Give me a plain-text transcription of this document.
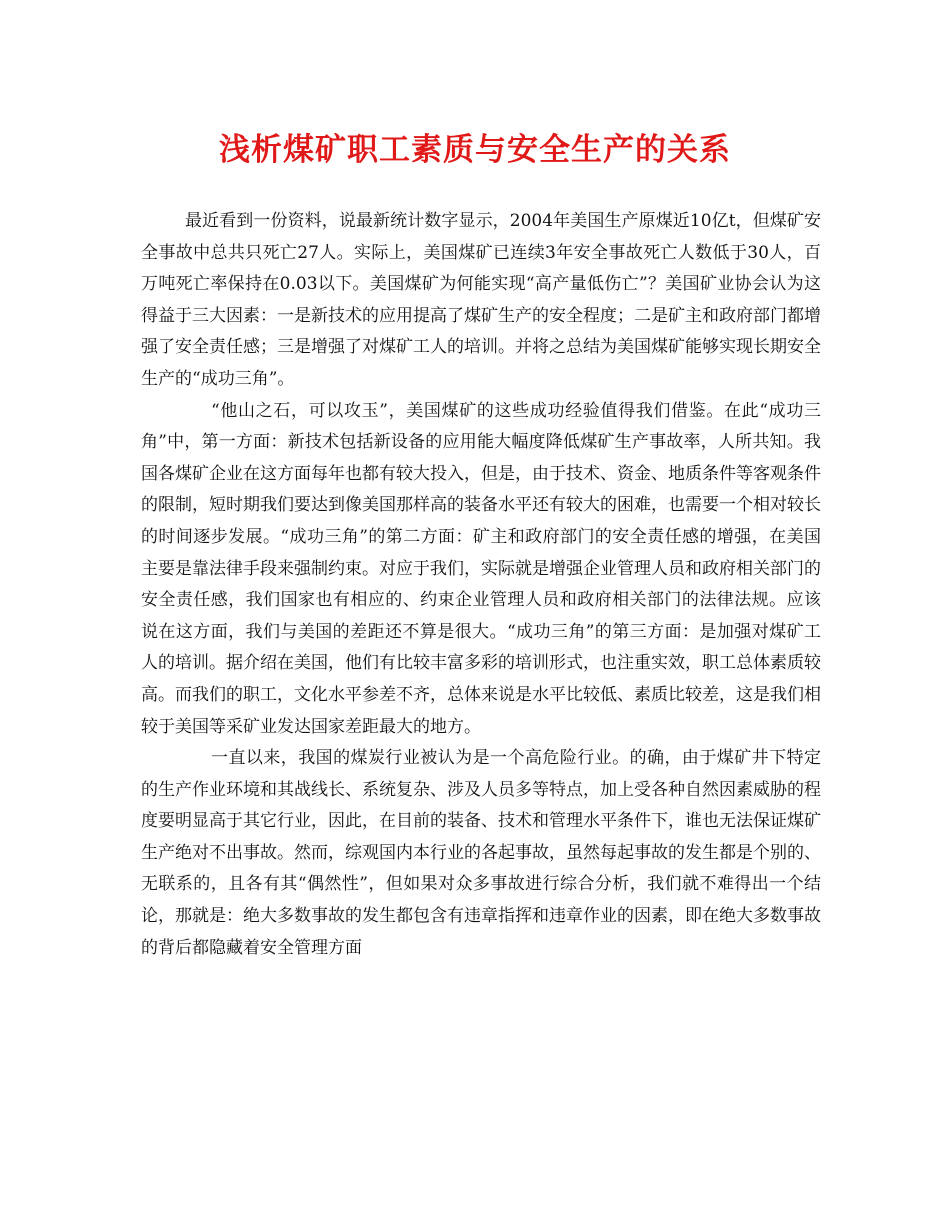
浅析煤矿职工素质与安全生产的关系

最近看到一份资料，说最新统计数字显示，2004年美国生产原煤近10亿t，但煤矿安全事故中总共只死亡27人。实际上，美国煤矿已连续3年安全事故死亡人数低于30人，百万吨死亡率保持在0.03以下。美国煤矿为何能实现“高产量低伤亡”？美国矿业协会认为这得益于三大因素：一是新技术的应用提高了煤矿生产的安全程度；二是矿主和政府部门都增强了安全责任感；三是增强了对煤矿工人的培训。并将之总结为美国煤矿能够实现长期安全生产的“成功三角”。

“他山之石，可以攻玉”，美国煤矿的这些成功经验值得我们借鉴。在此“成功三角”中，第一方面：新技术包括新设备的应用能大幅度降低煤矿生产事故率，人所共知。我国各煤矿企业在这方面每年也都有较大投入，但是，由于技术、资金、地质条件等客观条件的限制，短时期我们要达到像美国那样高的装备水平还有较大的困难，也需要一个相对较长的时间逐步发展。“成功三角”的第二方面：矿主和政府部门的安全责任感的增强，在美国主要是靠法律手段来强制约束。对应于我们，实际就是增强企业管理人员和政府相关部门的安全责任感，我们国家也有相应的、约束企业管理人员和政府相关部门的法律法规。应该 说在这方面，我们与美国的差距还不算是很大。“成功三角”的第三方面：是加强对煤矿工人的培训。据介绍在美国，他们有比较丰富多彩的培训形式，也注重实效，职工总体素质较高。而我们的职工，文化水平参差不齐，总体来说是水平比较低、素质比较差，这是我们相较于美国等采矿业发达国家差距最大的地方。

一直以来，我国的煤炭行业被认为是一个高危险行业。的确，由于煤矿井下特定的生产作业环境和其战线长、系统复杂、涉及人员多等特点，加上受各种自然因素威胁的程度要明显高于其它行业，因此，在目前的装备、技术和管理水平条件下，谁也无法保证煤矿生产绝对不出事故。然而，综观国内本行业的各起事故，虽然每起事故的发生都是个别的、无联系的，且各有其“偶然性”，但如果对众多事故进行综合分析，我们就不难得出一个结论，那就是：绝大多数事故的发生都包含有违章指挥和违章作业的因素，即在绝大多数事故的背后都隐藏着安全管理方面
